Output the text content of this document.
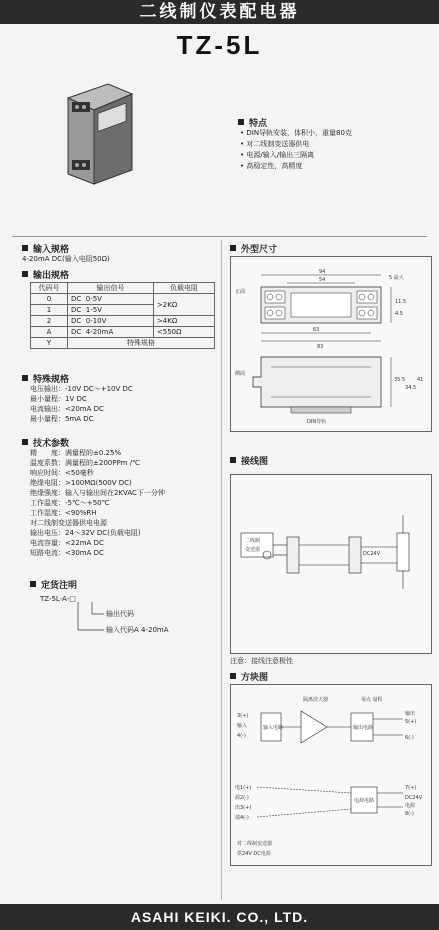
二线制仪表配电器
TZ-5L
特点
• DIN导轨安装，体积小，重量80克
• 对二线制变送器供电
• 电源/输入/输出三隔离
• 高稳定性，高精度
输入规格
4-20mA DC(输入电阻50Ω)
输出规格
代码号	输出信号	负载电阻
0	DC 0-5V	>2KΩ
1	DC 1-5V	
2	DC 0-10V	>4KΩ
A	DC 4-20mA	<550Ω
Y	特殊规格	
特殊规格
电压输出：-10V DC～+10V DC
最小量程：1V DC
电流输出：<20mA DC
最小量程：5mA DC
技术参数
精　　度：满量程的±0.25%
温度系数：满量程的±200PPm /℃
响应时间：<50毫秒
绝缘电阻：>100MΩ(500V DC)
绝缘强度：输入与输出间在2KVAC下一分钟
工作温度：-5℃～+50℃
工作湿度：<90%RH
对二线制变送器供电电源
输出电压：24～32V DC(负载电阻)
电流容量：<22mA DC
短路电流：<30mA DC
定货注明
TZ-5L-A-□
输出代码
输入代码A 4-20mA
外型尺寸
正面
侧面
94
54	5 最大
11.5
4.5
63
83
DIN导轨
35.5
34.5
41
接线图
二线制
变送器
DC24V
注意：接线注意极性
方块图
隔离放大器	零点 量程
3(+)
输入
4(-)
输入电路	输出电路
输出
5(+)
6(-)
电源电路
7(+)
DC24V
电源
8(-)
电1(+)
源2(-)
出3(+)
端4(-)
对二线制变送器
供24V DC电源
ASAHI KEIKI. CO., LTD.
